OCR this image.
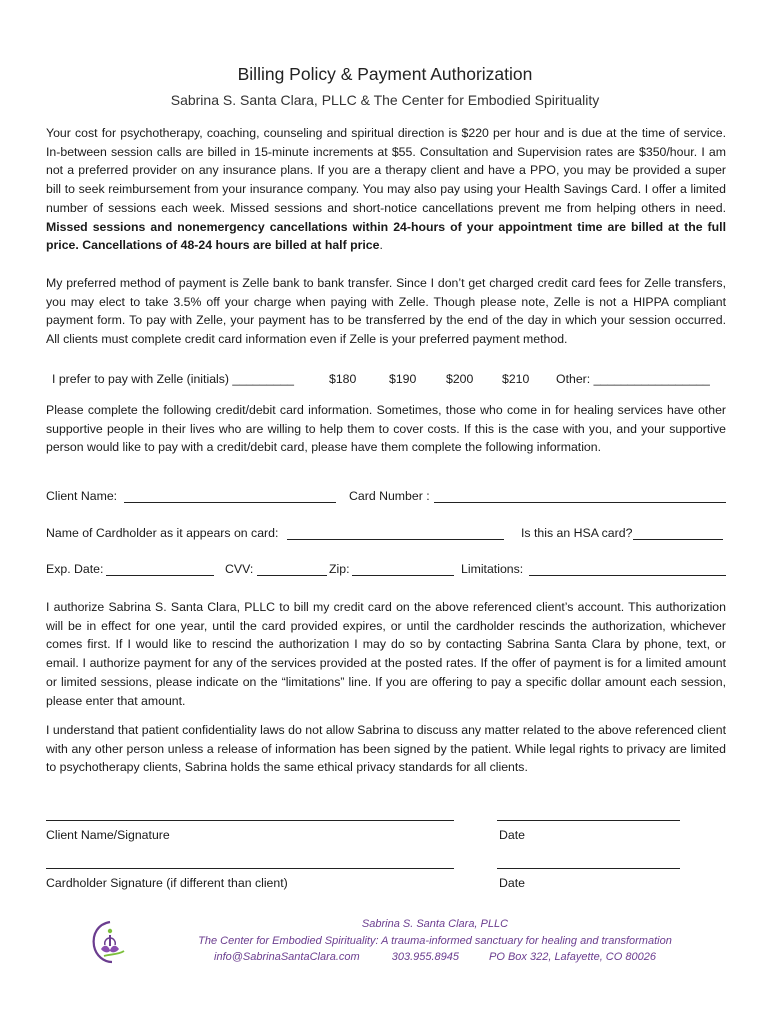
Billing Policy & Payment Authorization
Sabrina S. Santa Clara, PLLC & The Center for Embodied Spirituality
Your cost for psychotherapy, coaching, counseling and spiritual direction is $220 per hour and is due at the time of service. In-between session calls are billed in 15-minute increments at $55. Consultation and Supervision rates are $350/hour. I am not a preferred provider on any insurance plans. If you are a therapy client and have a PPO, you may be provided a super bill to seek reimbursement from your insurance company. You may also pay using your Health Savings Card. I offer a limited number of sessions each week. Missed sessions and short-notice cancellations prevent me from helping others in need. Missed sessions and nonemergency cancellations within 24-hours of your appointment time are billed at the full price. Cancellations of 48-24 hours are billed at half price.
My preferred method of payment is Zelle bank to bank transfer. Since I don’t get charged credit card fees for Zelle transfers, you may elect to take 3.5% off your charge when paying with Zelle. Though please note, Zelle is not a HIPPA compliant payment form. To pay with Zelle, your payment has to be transferred by the end of the day in which your session occurred. All clients must complete credit card information even if Zelle is your preferred payment method.
I prefer to pay with Zelle (initials) _________	$180	$190 $200 $210 Other: _________________
Please complete the following credit/debit card information. Sometimes, those who come in for healing services have other supportive people in their lives who are willing to help them to cover costs. If this is the case with you, and your supportive person would like to pay with a credit/debit card, please have them complete the following information.
Client Name:	Card Number :
Name of Cardholder as it appears on card:	Is this an HSA card?
Exp. Date:	CVV:	Zip:	Limitations:
I authorize Sabrina S. Santa Clara, PLLC to bill my credit card on the above referenced client’s account. This authorization will be in effect for one year, until the card provided expires, or until the cardholder rescinds the authorization, whichever comes first. If I would like to rescind the authorization I may do so by contacting Sabrina Santa Clara by phone, text, or email. I authorize payment for any of the services provided at the posted rates. If the offer of payment is for a limited amount or limited sessions, please indicate on the “limitations” line. If you are offering to pay a specific dollar amount each session, please enter that amount.
I understand that patient confidentiality laws do not allow Sabrina to discuss any matter related to the above referenced client with any other person unless a release of information has been signed by the patient. While legal rights to privacy are limited to psychotherapy clients, Sabrina holds the same ethical privacy standards for all clients.
Client Name/Signature	Date
Cardholder Signature (if different than client)	Date
Sabrina S. Santa Clara, PLLC
The Center for Embodied Spirituality: A trauma-informed sanctuary for healing and transformation
info@SabrinaSantaClara.com	303.955.8945	PO Box 322, Lafayette, CO 80026
